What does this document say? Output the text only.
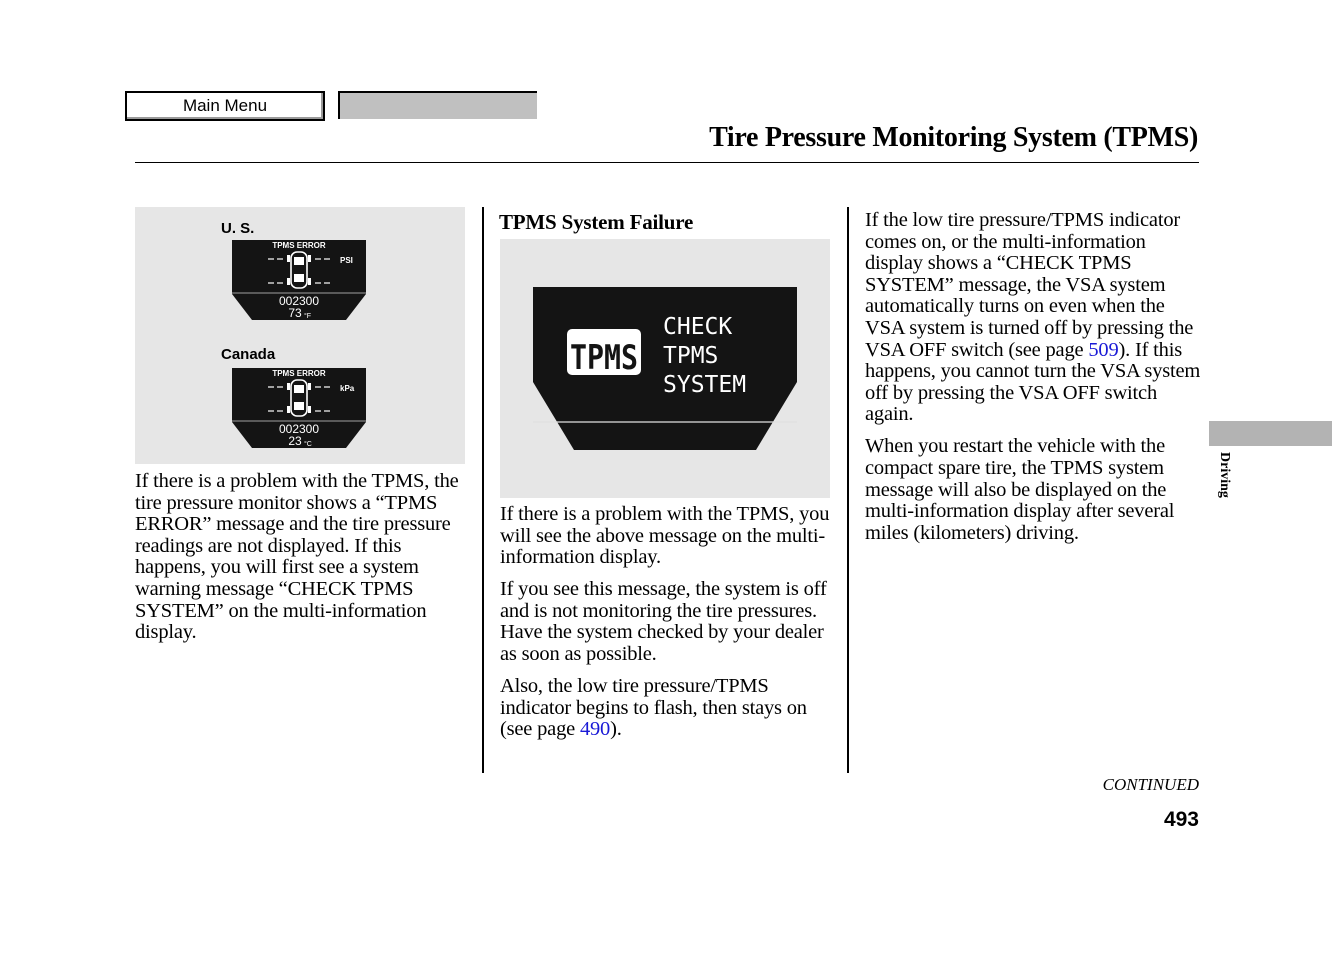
Main Menu
Tire Pressure Monitoring System (TPMS)
U. S.
TPMS ERROR
PSI
002300
73 °F
Canada
TPMS ERROR
kPa
002300
23 °C

If there is a problem with the TPMS, the tire pressure monitor shows a “TPMS ERROR” message and the tire pressure readings are not displayed. If this happens, you will first see a system warning message “CHECK TPMS SYSTEM” on the multi-information display.

TPMS System Failure
TPMS
CHECK
TPMS
SYSTEM

If there is a problem with the TPMS, you will see the above message on the multi-information display.

If you see this message, the system is off and is not monitoring the tire pressures. Have the system checked by your dealer as soon as possible.

Also, the low tire pressure/TPMS indicator begins to flash, then stays on (see page 490).

If the low tire pressure/TPMS indicator comes on, or the multi-information display shows a “CHECK TPMS SYSTEM” message, the VSA system automatically turns on even when the VSA system is turned off by pressing the VSA OFF switch (see page 509). If this happens, you cannot turn the VSA system off by pressing the VSA OFF switch again.

When you restart the vehicle with the compact spare tire, the TPMS system message will also be displayed on the multi-information display after several miles (kilometers) driving.

Driving
CONTINUED
493
